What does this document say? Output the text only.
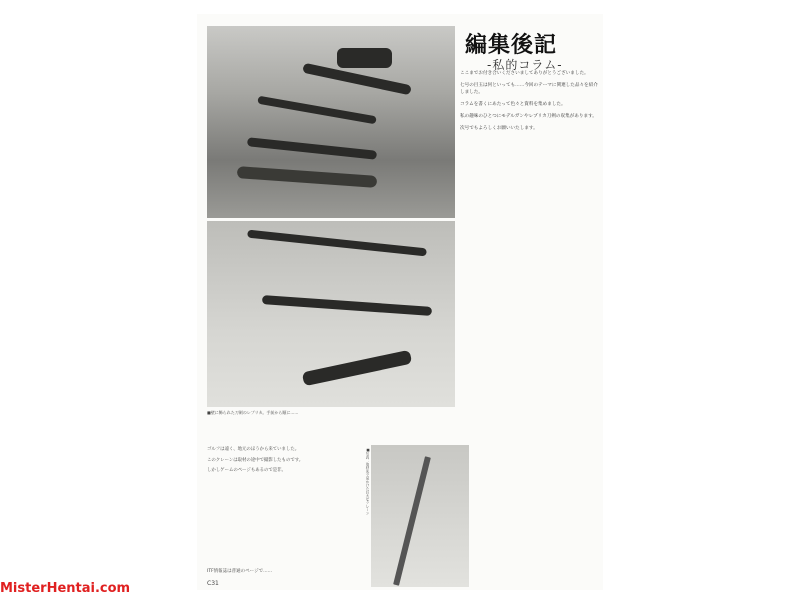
■壁に飾られた刀剣のレプリカ。手前から順に……
編集後記
-私的コラム-

ここまでお付き合いくださいましてありがとうございました。

七号の目玉は何といっても……今回のテーマに関連した品々を紹介しました。

コラムを書くにあたって色々と資料を集めました。

私の趣味のひとつにモデルガンやレプリカ刀剣の収集があります。

次号でもよろしくお願いいたします。

ゴルフは遠く、地元のほうから来ていました。

このクレーンは取材の途中で撮影したものです。

しかしゲームのページもあるので是非。	■写真：取材先で見かけた巨大なクレーン
ITF情報誌は普通のページで……
C31
MisterHentai.com
